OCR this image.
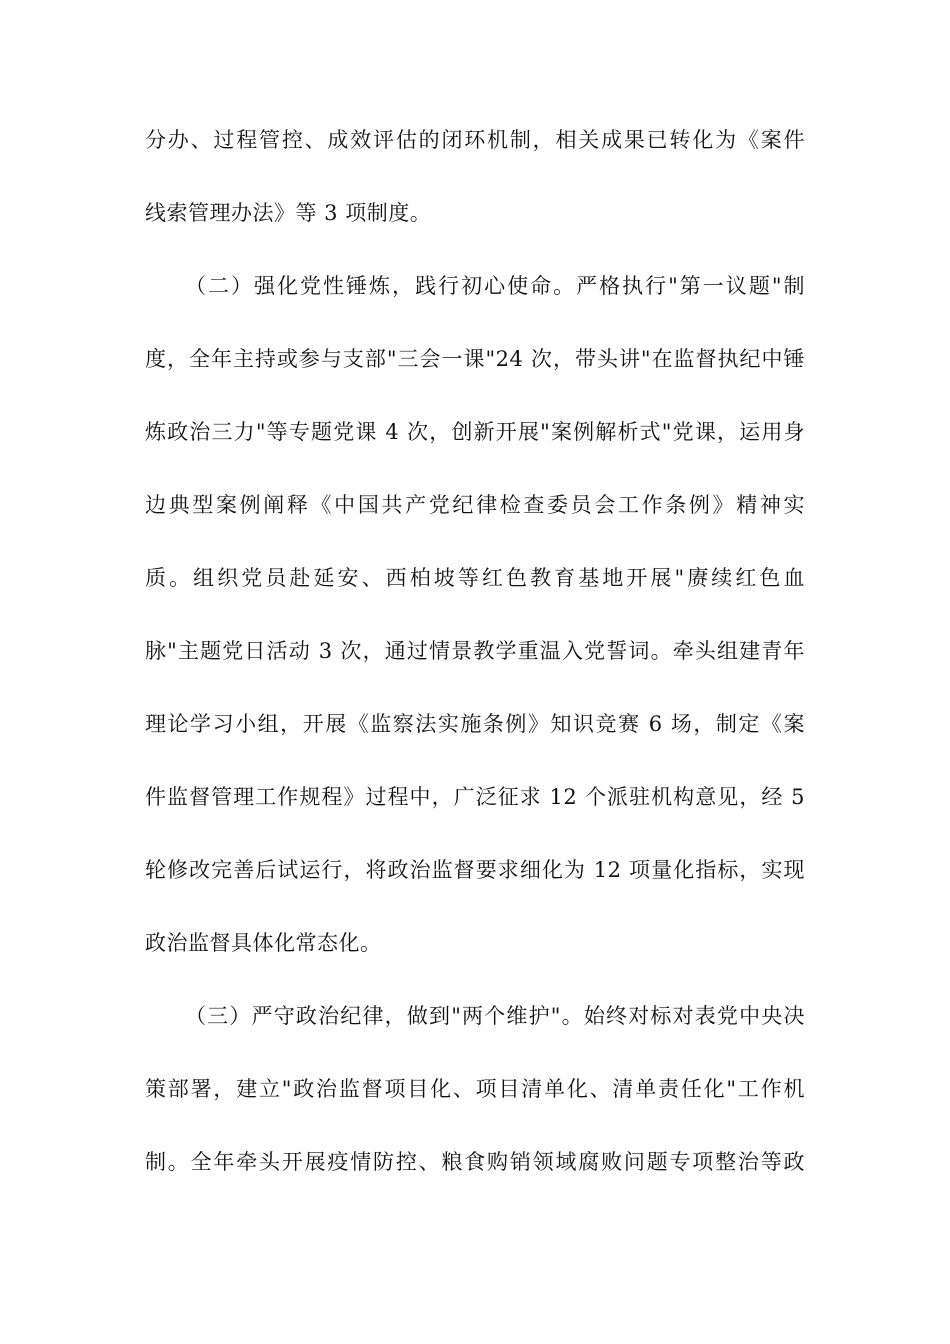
分办、过程管控、成效评估的闭环机制，相关成果已转化为《案件
线索管理办法》等 3 项制度。
（二）强化党性锤炼，践行初心使命。严格执行"第一议题"制
度，全年主持或参与支部"三会一课"24 次，带头讲"在监督执纪中锤
炼政治三力"等专题党课 4 次，创新开展"案例解析式"党课，运用身
边典型案例阐释《中国共产党纪律检查委员会工作条例》精神实
质。组织党员赴延安、西柏坡等红色教育基地开展"赓续红色血
脉"主题党日活动 3 次，通过情景教学重温入党誓词。牵头组建青年
理论学习小组，开展《监察法实施条例》知识竞赛 6 场，制定《案
件监督管理工作规程》过程中，广泛征求 12 个派驻机构意见，经 5
轮修改完善后试运行，将政治监督要求细化为 12 项量化指标，实现
政治监督具体化常态化。
（三）严守政治纪律，做到"两个维护"。始终对标对表党中央决
策部署，建立"政治监督项目化、项目清单化、清单责任化"工作机
制。全年牵头开展疫情防控、粮食购销领域腐败问题专项整治等政
